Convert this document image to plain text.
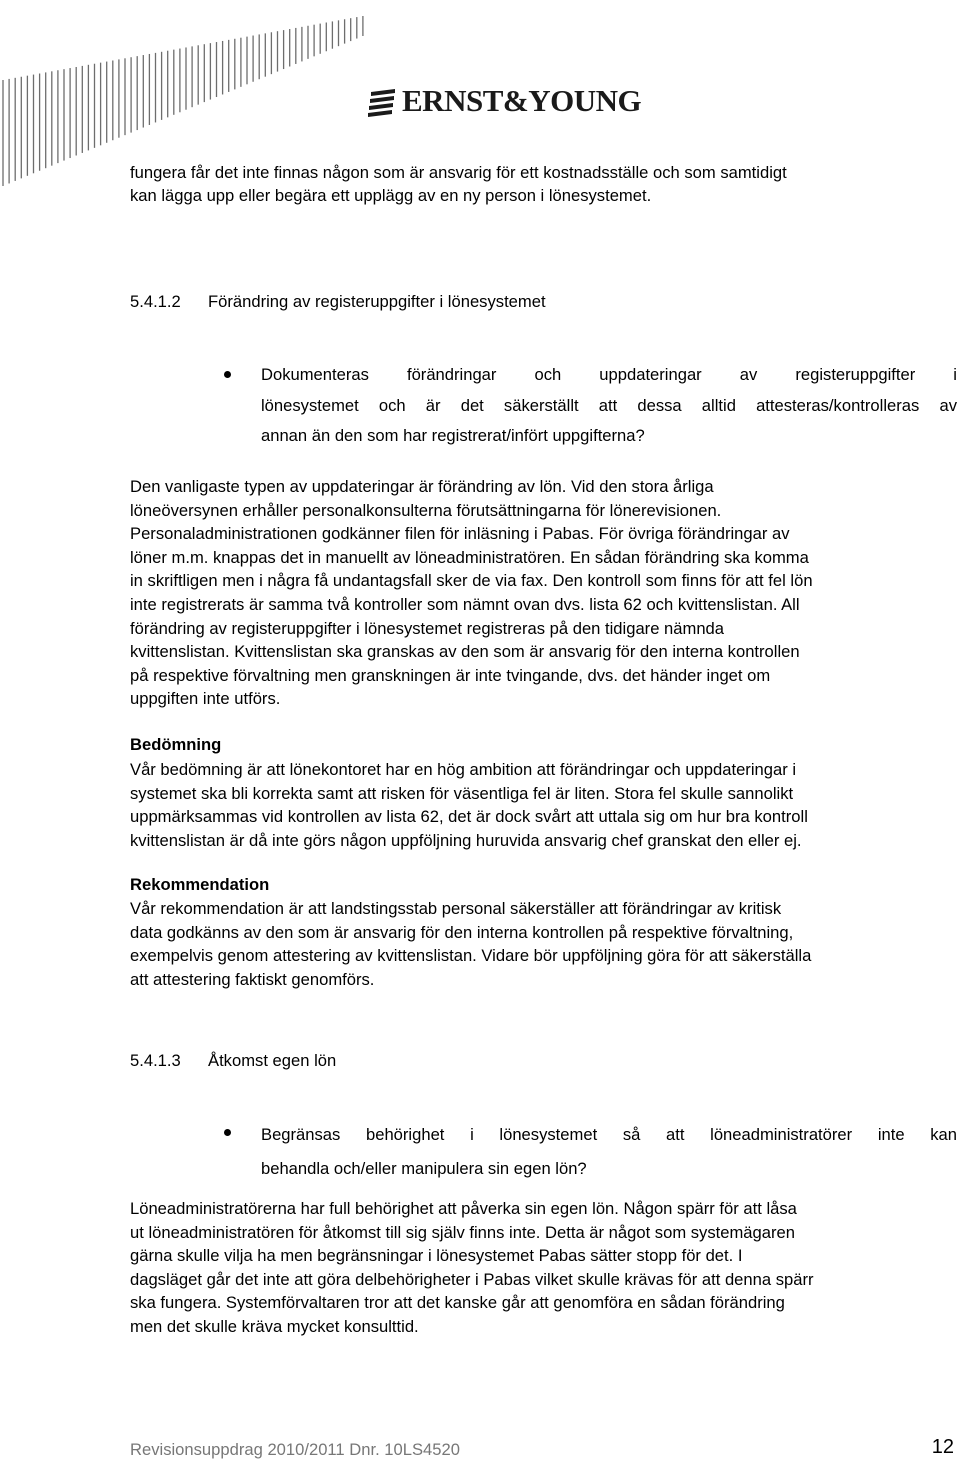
ERNST&YOUNG
fungera får det inte finnas någon som är ansvarig för ett kostnadsställe och som samtidigt
kan lägga upp eller begära ett upplägg av en ny person i lönesystemet.
5.4.1.2 Förändring av registeruppgifter i lönesystemet
Dokumenteras förändringar och uppdateringar av registeruppgifter i
lönesystemet och är det säkerställt att dessa alltid attesteras/kontrolleras av
annan än den som har registrerat/infört uppgifterna?
Den vanligaste typen av uppdateringar är förändring av lön. Vid den stora årliga
löneöversynen erhåller personalkonsulterna förutsättningarna för lönerevisionen.
Personaladministrationen godkänner filen för inläsning i Pabas. För övriga förändringar av
löner m.m. knappas det in manuellt av löneadministratören. En sådan förändring ska komma
in skriftligen men i några få undantagsfall sker de via fax. Den kontroll som finns för att fel lön
inte registrerats är samma två kontroller som nämnt ovan dvs. lista 62 och kvittenslistan. All
förändring av registeruppgifter i lönesystemet registreras på den tidigare nämnda
kvittenslistan. Kvittenslistan ska granskas av den som är ansvarig för den interna kontrollen
på respektive förvaltning men granskningen är inte tvingande, dvs. det händer inget om
uppgiften inte utförs.
Bedömning
Vår bedömning är att lönekontoret har en hög ambition att förändringar och uppdateringar i
systemet ska bli korrekta samt att risken för väsentliga fel är liten. Stora fel skulle sannolikt
uppmärksammas vid kontrollen av lista 62, det är dock svårt att uttala sig om hur bra kontroll
kvittenslistan är då inte görs någon uppföljning huruvida ansvarig chef granskat den eller ej.
Rekommendation
Vår rekommendation är att landstingsstab personal säkerställer att förändringar av kritisk
data godkänns av den som är ansvarig för den interna kontrollen på respektive förvaltning,
exempelvis genom attestering av kvittenslistan. Vidare bör uppföljning göra för att säkerställa
att attestering faktiskt genomförs.
5.4.1.3 Åtkomst egen lön
Begränsas behörighet i lönesystemet så att löneadministratörer inte kan
behandla och/eller manipulera sin egen lön?
Löneadministratörerna har full behörighet att påverka sin egen lön. Någon spärr för att låsa
ut löneadministratören för åtkomst till sig själv finns inte. Detta är något som systemägaren
gärna skulle vilja ha men begränsningar i lönesystemet Pabas sätter stopp för det. I
dagsläget går det inte att göra delbehörigheter i Pabas vilket skulle krävas för att denna spärr
ska fungera. Systemförvaltaren tror att det kanske går att genomföra en sådan förändring
men det skulle kräva mycket konsulttid.
Revisionsuppdrag 2010/2011 Dnr. 10LS4520	12
